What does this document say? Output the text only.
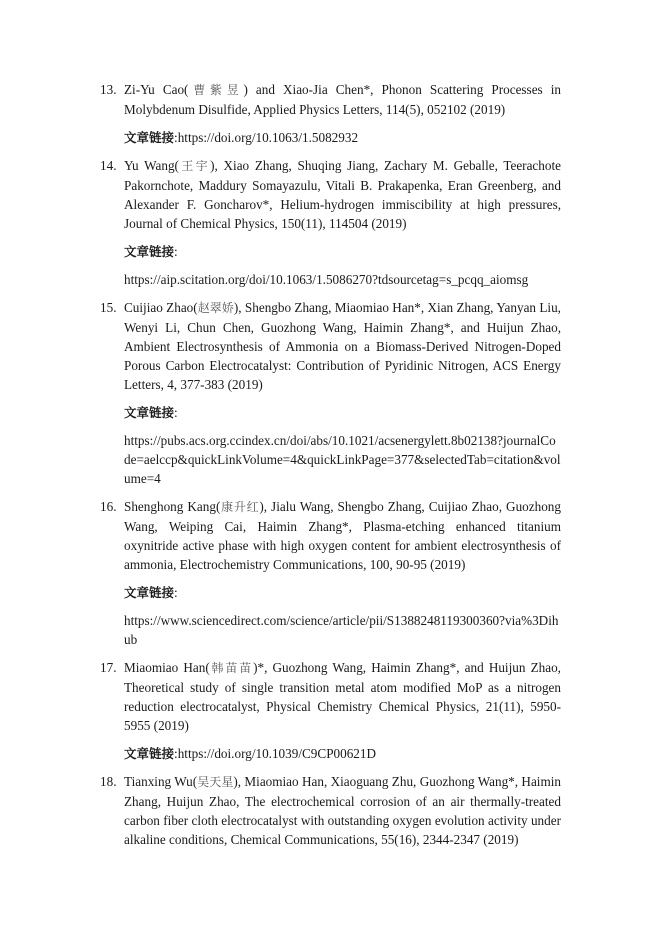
13. Zi-Yu Cao(曹紫昱) and Xiao-Jia Chen*, Phonon Scattering Processes in Molybdenum Disulfide, Applied Physics Letters, 114(5), 052102 (2019)

文章链接:https://doi.org/10.1063/1.5082932
14. Yu Wang(王宇), Xiao Zhang, Shuqing Jiang, Zachary M. Geballe, Teerachote Pakornchote, Maddury Somayazulu, Vitali B. Prakapenka, Eran Greenberg, and Alexander F. Goncharov*, Helium-hydrogen immiscibility at high pressures, Journal of Chemical Physics, 150(11), 114504 (2019)

文章链接:
https://aip.scitation.org/doi/10.1063/1.5086270?tdsourcetag=s_pcqq_aiomsg
15. Cuijiao Zhao(赵翠娇), Shengbo Zhang, Miaomiao Han*, Xian Zhang, Yanyan Liu, Wenyi Li, Chun Chen, Guozhong Wang, Haimin Zhang*, and Huijun Zhao, Ambient Electrosynthesis of Ammonia on a Biomass-Derived Nitrogen-Doped Porous Carbon Electrocatalyst: Contribution of Pyridinic Nitrogen, ACS Energy Letters, 4, 377-383 (2019)

文章链接:
https://pubs.acs.org.ccindex.cn/doi/abs/10.1021/acsenergylett.8b02138?journalCode=aelccp&quickLinkVolume=4&quickLinkPage=377&selectedTab=citation&volume=4
16. Shenghong Kang(康升红), Jialu Wang, Shengbo Zhang, Cuijiao Zhao, Guozhong Wang, Weiping Cai, Haimin Zhang*, Plasma-etching enhanced titanium oxynitride active phase with high oxygen content for ambient electrosynthesis of ammonia, Electrochemistry Communications, 100, 90-95 (2019)

文章链接:
https://www.sciencedirect.com/science/article/pii/S1388248119300360?via%3Dihub
17. Miaomiao Han(韩苗苗)*, Guozhong Wang, Haimin Zhang*, and Huijun Zhao, Theoretical study of single transition metal atom modified MoP as a nitrogen reduction electrocatalyst, Physical Chemistry Chemical Physics, 21(11), 5950-5955 (2019)

文章链接:https://doi.org/10.1039/C9CP00621D
18. Tianxing Wu(吴天星), Miaomiao Han, Xiaoguang Zhu, Guozhong Wang*, Haimin Zhang, Huijun Zhao, The electrochemical corrosion of an air thermally-treated carbon fiber cloth electrocatalyst with outstanding oxygen evolution activity under alkaline conditions, Chemical Communications, 55(16), 2344-2347 (2019)
